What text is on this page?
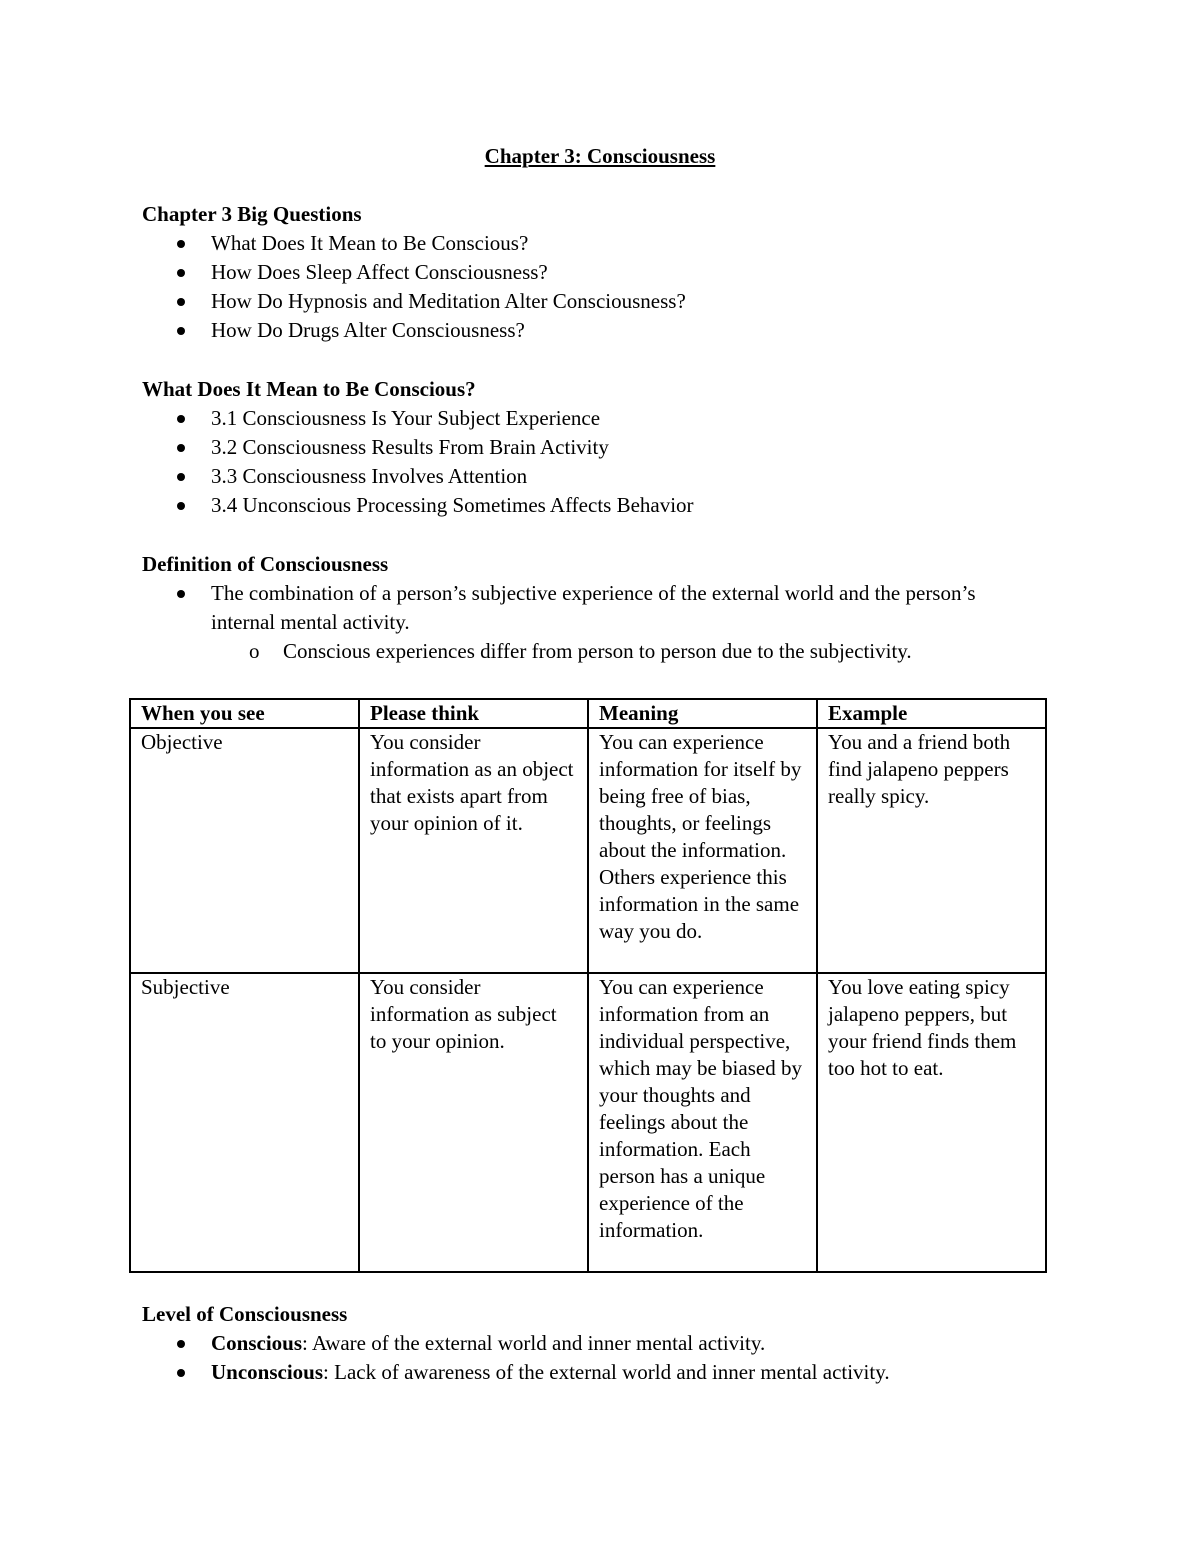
Chapter 3: Consciousness
Chapter 3 Big Questions
What Does It Mean to Be Conscious?
How Does Sleep Affect Consciousness?
How Do Hypnosis and Meditation Alter Consciousness?
How Do Drugs Alter Consciousness?
What Does It Mean to Be Conscious?
3.1 Consciousness Is Your Subject Experience
3.2 Consciousness Results From Brain Activity
3.3 Consciousness Involves Attention
3.4 Unconscious Processing Sometimes Affects Behavior
Definition of Consciousness
The combination of a person’s subjective experience of the external world and the person’s internal mental activity.
o Conscious experiences differ from person to person due to the subjectivity.
When you see	Please think	Meaning	Example
Objective	You consider information as an object that exists apart from your opinion of it.	You can experience information for itself by being free of bias, thoughts, or feelings about the information. Others experience this information in the same way you do.	You and a friend both find jalapeno peppers really spicy.
Subjective	You consider information as subject to your opinion.	You can experience information from an individual perspective, which may be biased by your thoughts and feelings about the information. Each person has a unique experience of the information.	You love eating spicy jalapeno peppers, but your friend finds them too hot to eat.
Level of Consciousness
Conscious: Aware of the external world and inner mental activity.
Unconscious: Lack of awareness of the external world and inner mental activity.
